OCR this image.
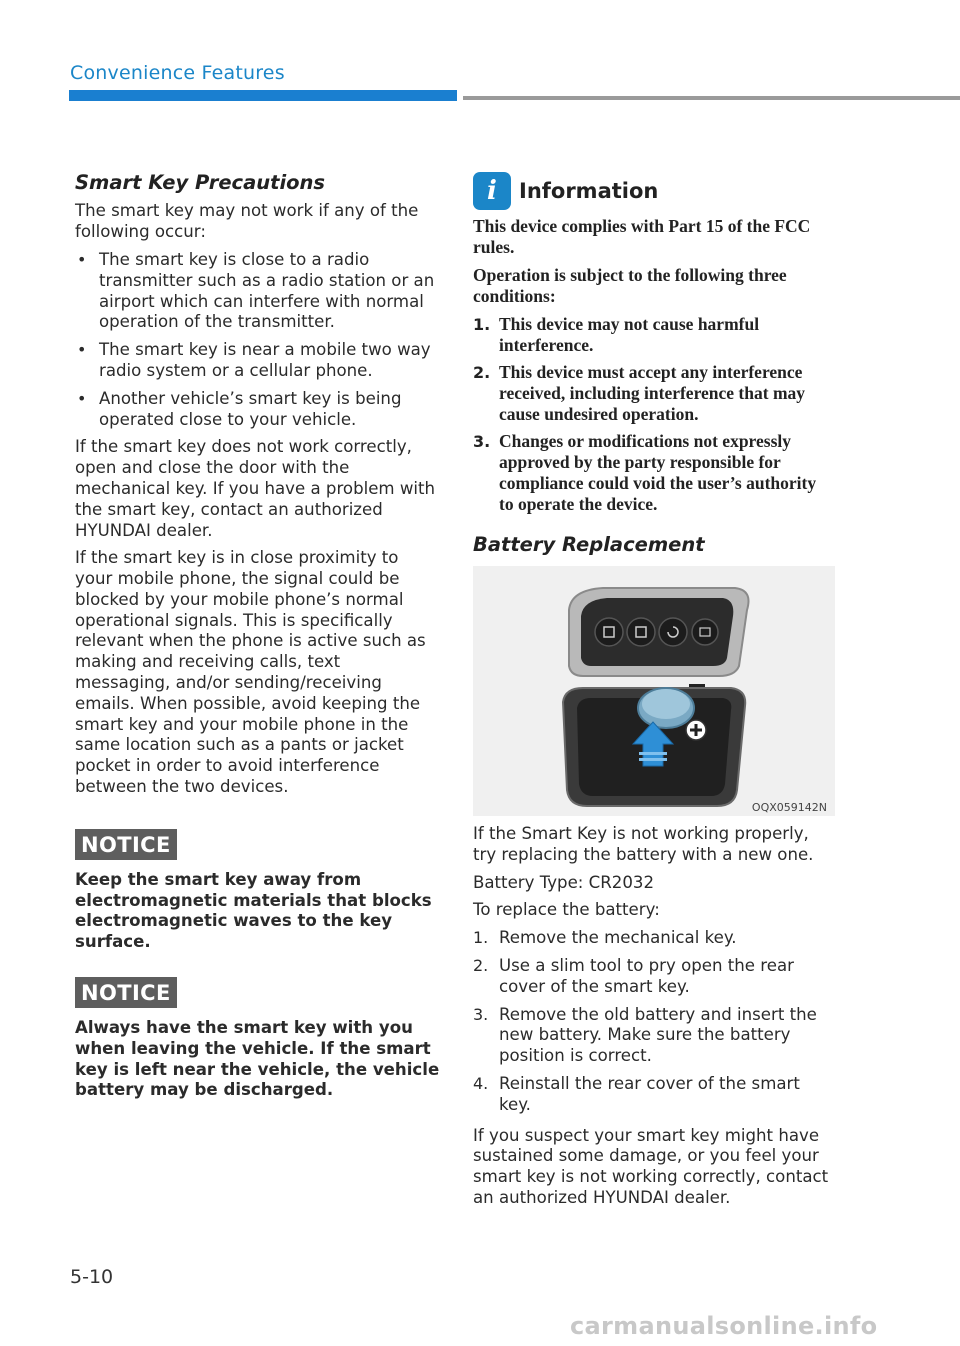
Convenience Features
Smart Key Precautions

The smart key may not work if any of the following occur:

• The smart key is close to a radio transmitter such as a radio station or an airport which can interfere with normal operation of the transmitter.
• The smart key is near a mobile two way radio system or a cellular phone.
• Another vehicle’s smart key is being operated close to your vehicle.

If the smart key does not work correctly, open and close the door with the mechanical key. If you have a problem with the smart key, contact an authorized HYUNDAI dealer.

If the smart key is in close proximity to your mobile phone, the signal could be blocked by your mobile phone’s normal operational signals. This is specifically relevant when the phone is active such as making and receiving calls, text messaging, and/or sending/receiving emails. When possible, avoid keeping the smart key and your mobile phone in the same location such as a pants or jacket pocket in order to avoid interference between the two devices.

NOTICE

Keep the smart key away from electromagnetic materials that blocks electromagnetic waves to the key surface.

NOTICE

Always have the smart key with you when leaving the vehicle. If the smart key is left near the vehicle, the vehicle battery may be discharged.

i Information

This device complies with Part 15 of the FCC rules.

Operation is subject to the following three conditions:

1. This device may not cause harmful interference.
2. This device must accept any interference received, including interference that may cause undesired operation.
3. Changes or modifications not expressly approved by the party responsible for compliance could void the user’s authority to operate the device.
Battery Replacement
OQX059142N

If the Smart Key is not working properly, try replacing the battery with a new one.

Battery Type: CR2032

To replace the battery:

1. Remove the mechanical key.
2. Use a slim tool to pry open the rear cover of the smart key.
3. Remove the old battery and insert the new battery. Make sure the battery position is correct.
4. Reinstall the rear cover of the smart key.

If you suspect your smart key might have sustained some damage, or you feel your smart key is not working correctly, contact an authorized HYUNDAI dealer.

5-10
carmanualsonline.info
